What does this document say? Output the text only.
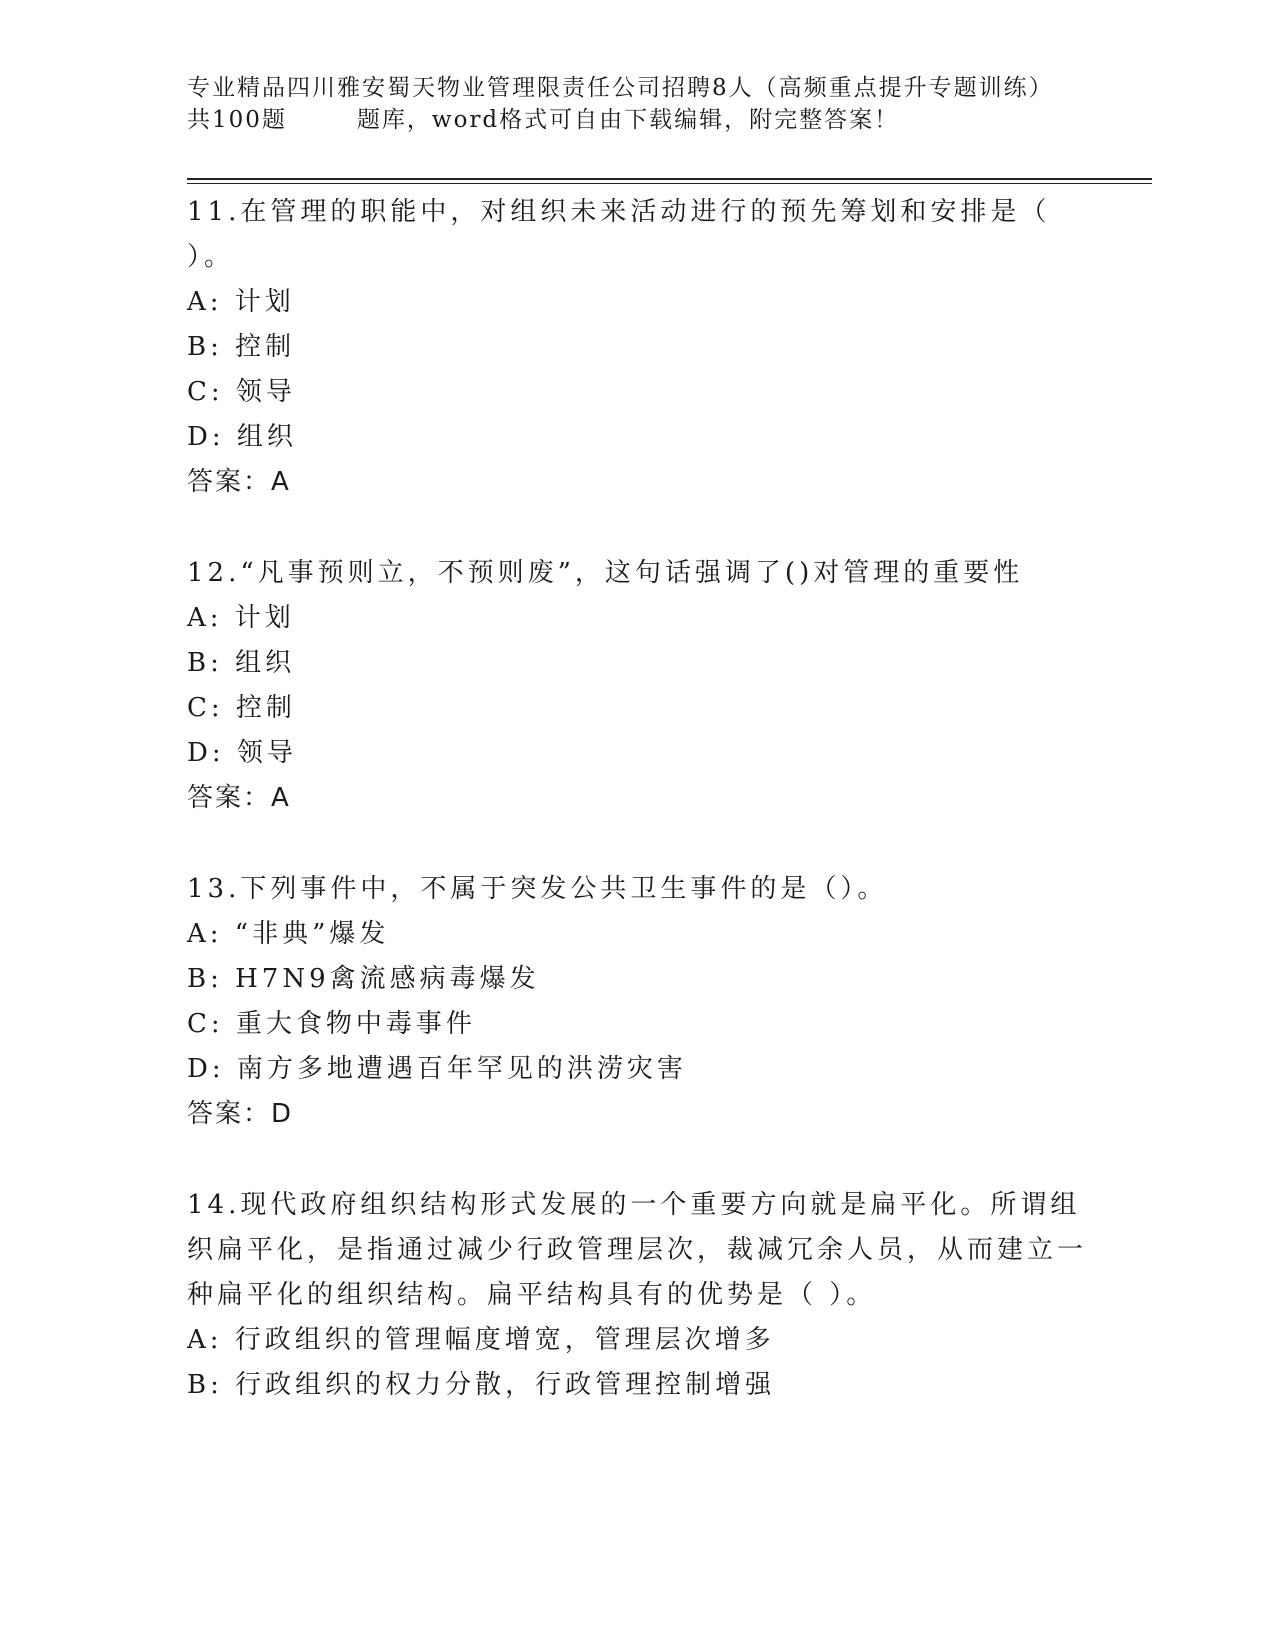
专业精品四川雅安蜀天物业管理限责任公司招聘8人（高频重点提升专题训练）
共100题	题库，word格式可自由下载编辑，附完整答案！
11.在管理的职能中，对组织未来活动进行的预先筹划和安排是（ ）。
A: 计划
B: 控制
C: 领导
D: 组织
答案：A
12.“凡事预则立，不预则废”，这句话强调了()对管理的重要性
A: 计划
B: 组织
C: 控制
D: 领导
答案：A
13.下列事件中，不属于突发公共卫生事件的是（）。
A: “非典”爆发
B: H7N9禽流感病毒爆发
C: 重大食物中毒事件
D: 南方多地遭遇百年罕见的洪涝灾害
答案：D
14.现代政府组织结构形式发展的一个重要方向就是扁平化。所谓组织扁平化，是指通过减少行政管理层次，裁减冗余人员，从而建立一种扁平化的组织结构。扁平结构具有的优势是（ ）。
A: 行政组织的管理幅度增宽，管理层次增多
B: 行政组织的权力分散，行政管理控制增强
